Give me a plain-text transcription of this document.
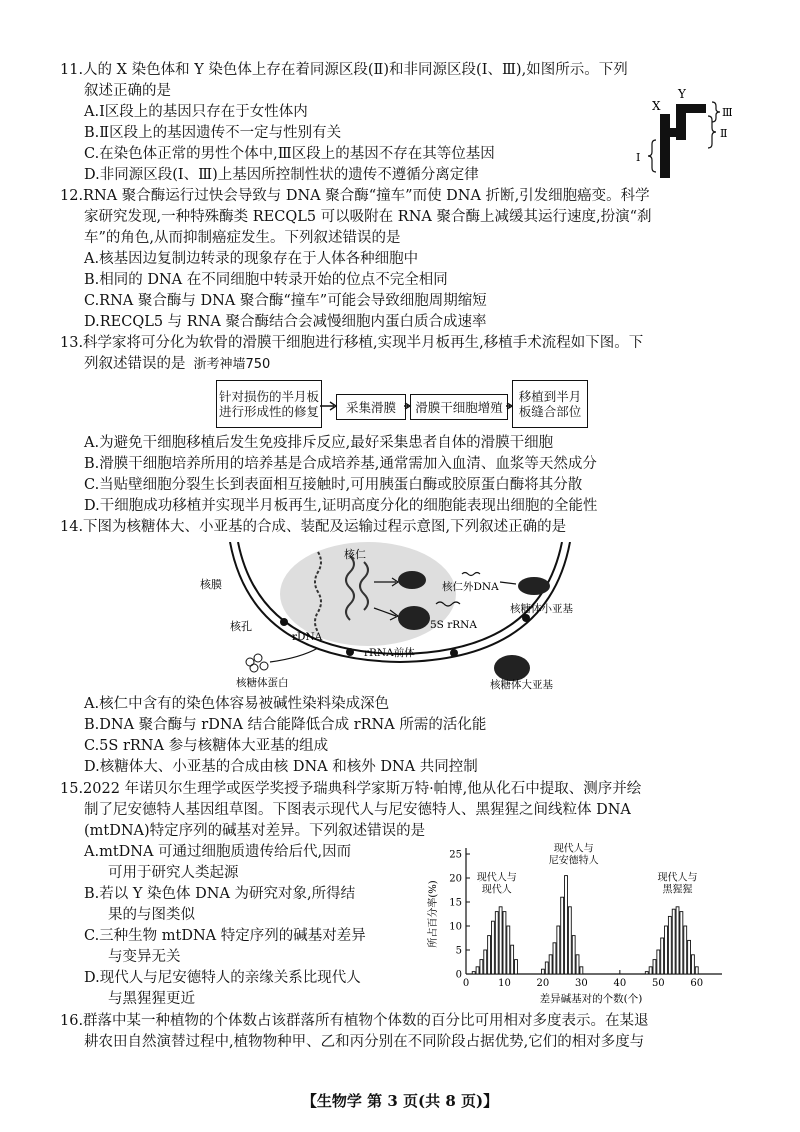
11.人的 X 染色体和 Y 染色体上存在着同源区段(Ⅱ)和非同源区段(Ⅰ、Ⅲ),如图所示。下列
叙述正确的是
A.Ⅰ区段上的基因只存在于女性体内
B.Ⅱ区段上的基因遗传不一定与性别有关
C.在染色体正常的男性个体中,Ⅲ区段上的基因不存在其等位基因
D.非同源区段(Ⅰ、Ⅲ)上基因所控制性状的遗传不遵循分离定律
X
Y
Ⅲ
Ⅱ
Ⅰ
12.RNA 聚合酶运行过快会导致与 DNA 聚合酶“撞车”而使 DNA 折断,引发细胞癌变。科学
家研究发现,一种特殊酶类 RECQL5 可以吸附在 RNA 聚合酶上减缓其运行速度,扮演“刹
车”的角色,从而抑制癌症发生。下列叙述错误的是
A.核基因边复制边转录的现象存在于人体各种细胞中
B.相同的 DNA 在不同细胞中转录开始的位点不完全相同
C.RNA 聚合酶与 DNA 聚合酶“撞车”可能会导致细胞周期缩短
D.RECQL5 与 RNA 聚合酶结合会减慢细胞内蛋白质合成速率
13.科学家将可分化为软骨的滑膜干细胞进行移植,实现半月板再生,移植手术流程如下图。下
列叙述错误的是 浙考神墙750
针对损伤的半月板进行形成性的修复	采集滑膜	滑膜干细胞增殖
移植到半月板缝合部位
A.为避免干细胞移植后发生免疫排斥反应,最好采集患者自体的滑膜干细胞
B.滑膜干细胞培养所用的培养基是合成培养基,通常需加入血清、血浆等天然成分
C.当贴壁细胞分裂生长到表面相互接触时,可用胰蛋白酶或胶原蛋白酶将其分散
D.干细胞成功移植并实现半月板再生,证明高度分化的细胞能表现出细胞的全能性
14.下图为核糖体大、小亚基的合成、装配及运输过程示意图,下列叙述正确的是
核仁
核仁外DNA
核膜
核孔
rDNA
5S rRNA
核糖体小亚基
rRNA前体
核糖体蛋白	核糖体大亚基
A.核仁中含有的染色体容易被碱性染料染成深色
B.DNA 聚合酶与 rDNA 结合能降低合成 rRNA 所需的活化能
C.5S rRNA 参与核糖体大亚基的组成
D.核糖体大、小亚基的合成由核 DNA 和核外 DNA 共同控制
15.2022 年诺贝尔生理学或医学奖授予瑞典科学家斯万特·帕博,他从化石中提取、测序并绘
制了尼安德特人基因组草图。下图表示现代人与尼安德特人、黑猩猩之间线粒体 DNA
(mtDNA)特定序列的碱基对差异。下列叙述错误的是
A.mtDNA 可通过细胞质遗传给后代,因而
可用于研究人类起源
B.若以 Y 染色体 DNA 为研究对象,所得结
果的与图类似
C.三种生物 mtDNA 特定序列的碱基对差异
与变异无关
D.现代人与尼安德特人的亲缘关系比现代人
与黑猩猩更近
0
5
10
15
20
25
0	10	20	30	40	50	60
所占百分率(%)
差异碱基对的个数(个)
现代人与现代人
现代人与尼安德特人
现代人与黑猩猩
16.群落中某一种植物的个体数占该群落所有植物个体数的百分比可用相对多度表示。在某退
耕农田自然演替过程中,植物物种甲、乙和丙分别在不同阶段占据优势,它们的相对多度与
【生物学 第 3 页(共 8 页)】
